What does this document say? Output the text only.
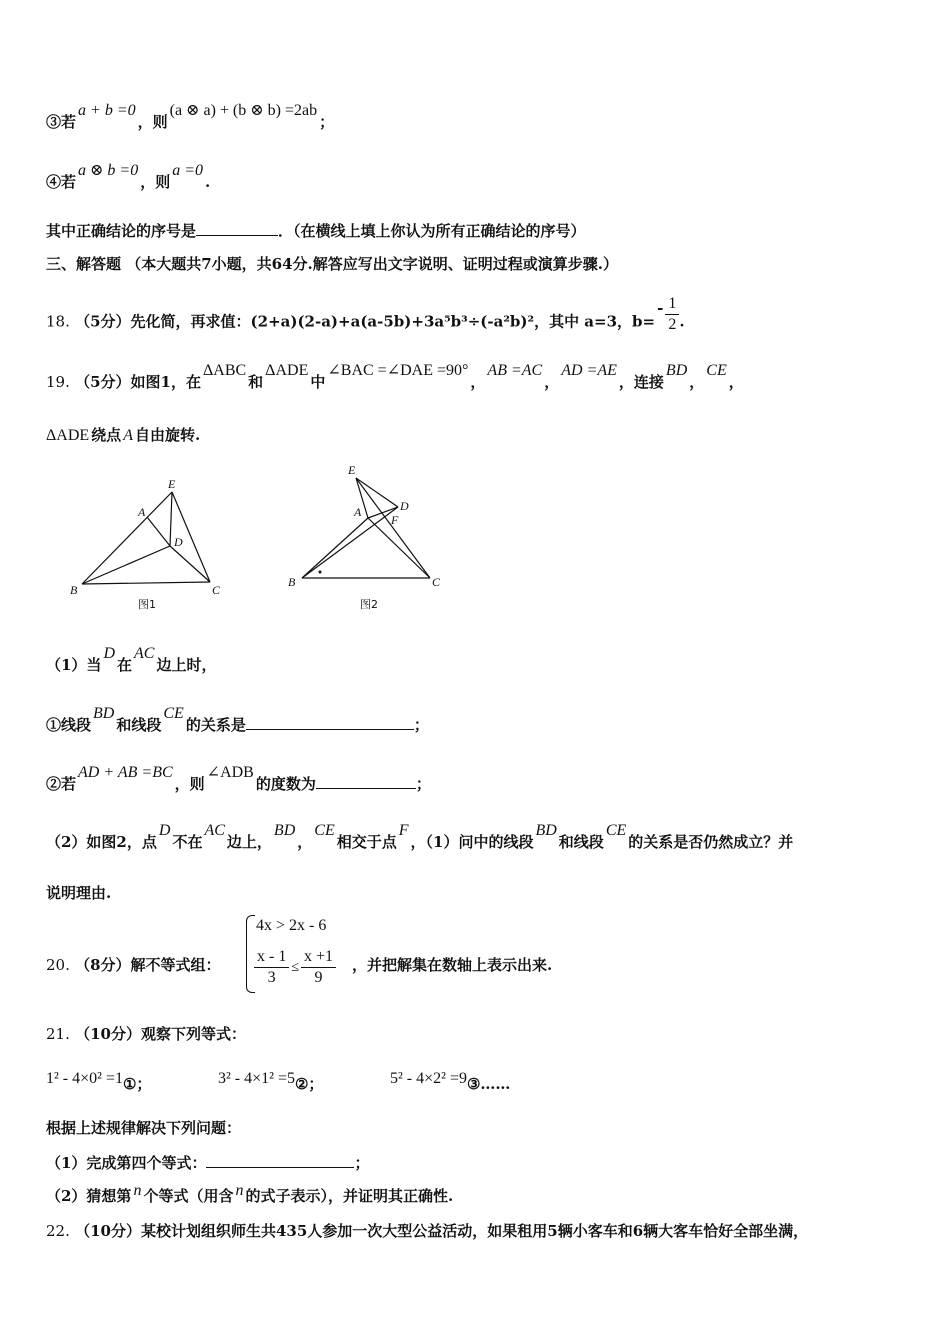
③若a + b =0，则(a ⊗ a) + (b ⊗ b) =2ab；
④若a ⊗ b =0，则a =0.
其中正确结论的序号是	．（在横线上填上你认为所有正确结论的序号）
三、解答题 （本大题共7小题，共64分.解答应写出文字说明、证明过程或演算步骤.）
18. （5分）先化简，再求值：(2+a)(2-a)+a(a-5b)+3a⁵b³÷(-a²b)²，其中 a=3，$b=- \frac{1}{2}$ .
19. （5分）如图1，在ΔABC和ΔADE中∠BAC =∠DAE =90°，AB =AC，AD =AE，连接BD，CE，
ΔADE 绕点 A 自由旋转.
E
A
D
B	C
图1
E
A	D
F
B	C
图2
（1）当D在AC边上时，
①线段BD和线段CE的关系是	；
②若AD + AB =BC，则∠ADB的度数为	；
（2）如图2，点D不在AC边上，BD，CE相交于点F，（1）问中的线段BD和线段CE的关系是否仍然成立？并
说明理由.
20. （8分）解不等式组：
4x > 2x - 6
$\frac{x - 1}{3} \le \frac{x +1}{9}$ ，并把解集在数轴上表示出来.
21. （10分）观察下列等式：
1² - 4×0² =1①；	3² - 4×1² =5②；	5² - 4×2² =9③……
根据上述规律解决下列问题：
（1）完成第四个等式：	；
（2）猜想第 n 个等式（用含 n 的式子表示），并证明其正确性.
22. （10分）某校计划组织师生共435人参加一次大型公益活动，如果租用5辆小客车和6辆大客车恰好全部坐满，
